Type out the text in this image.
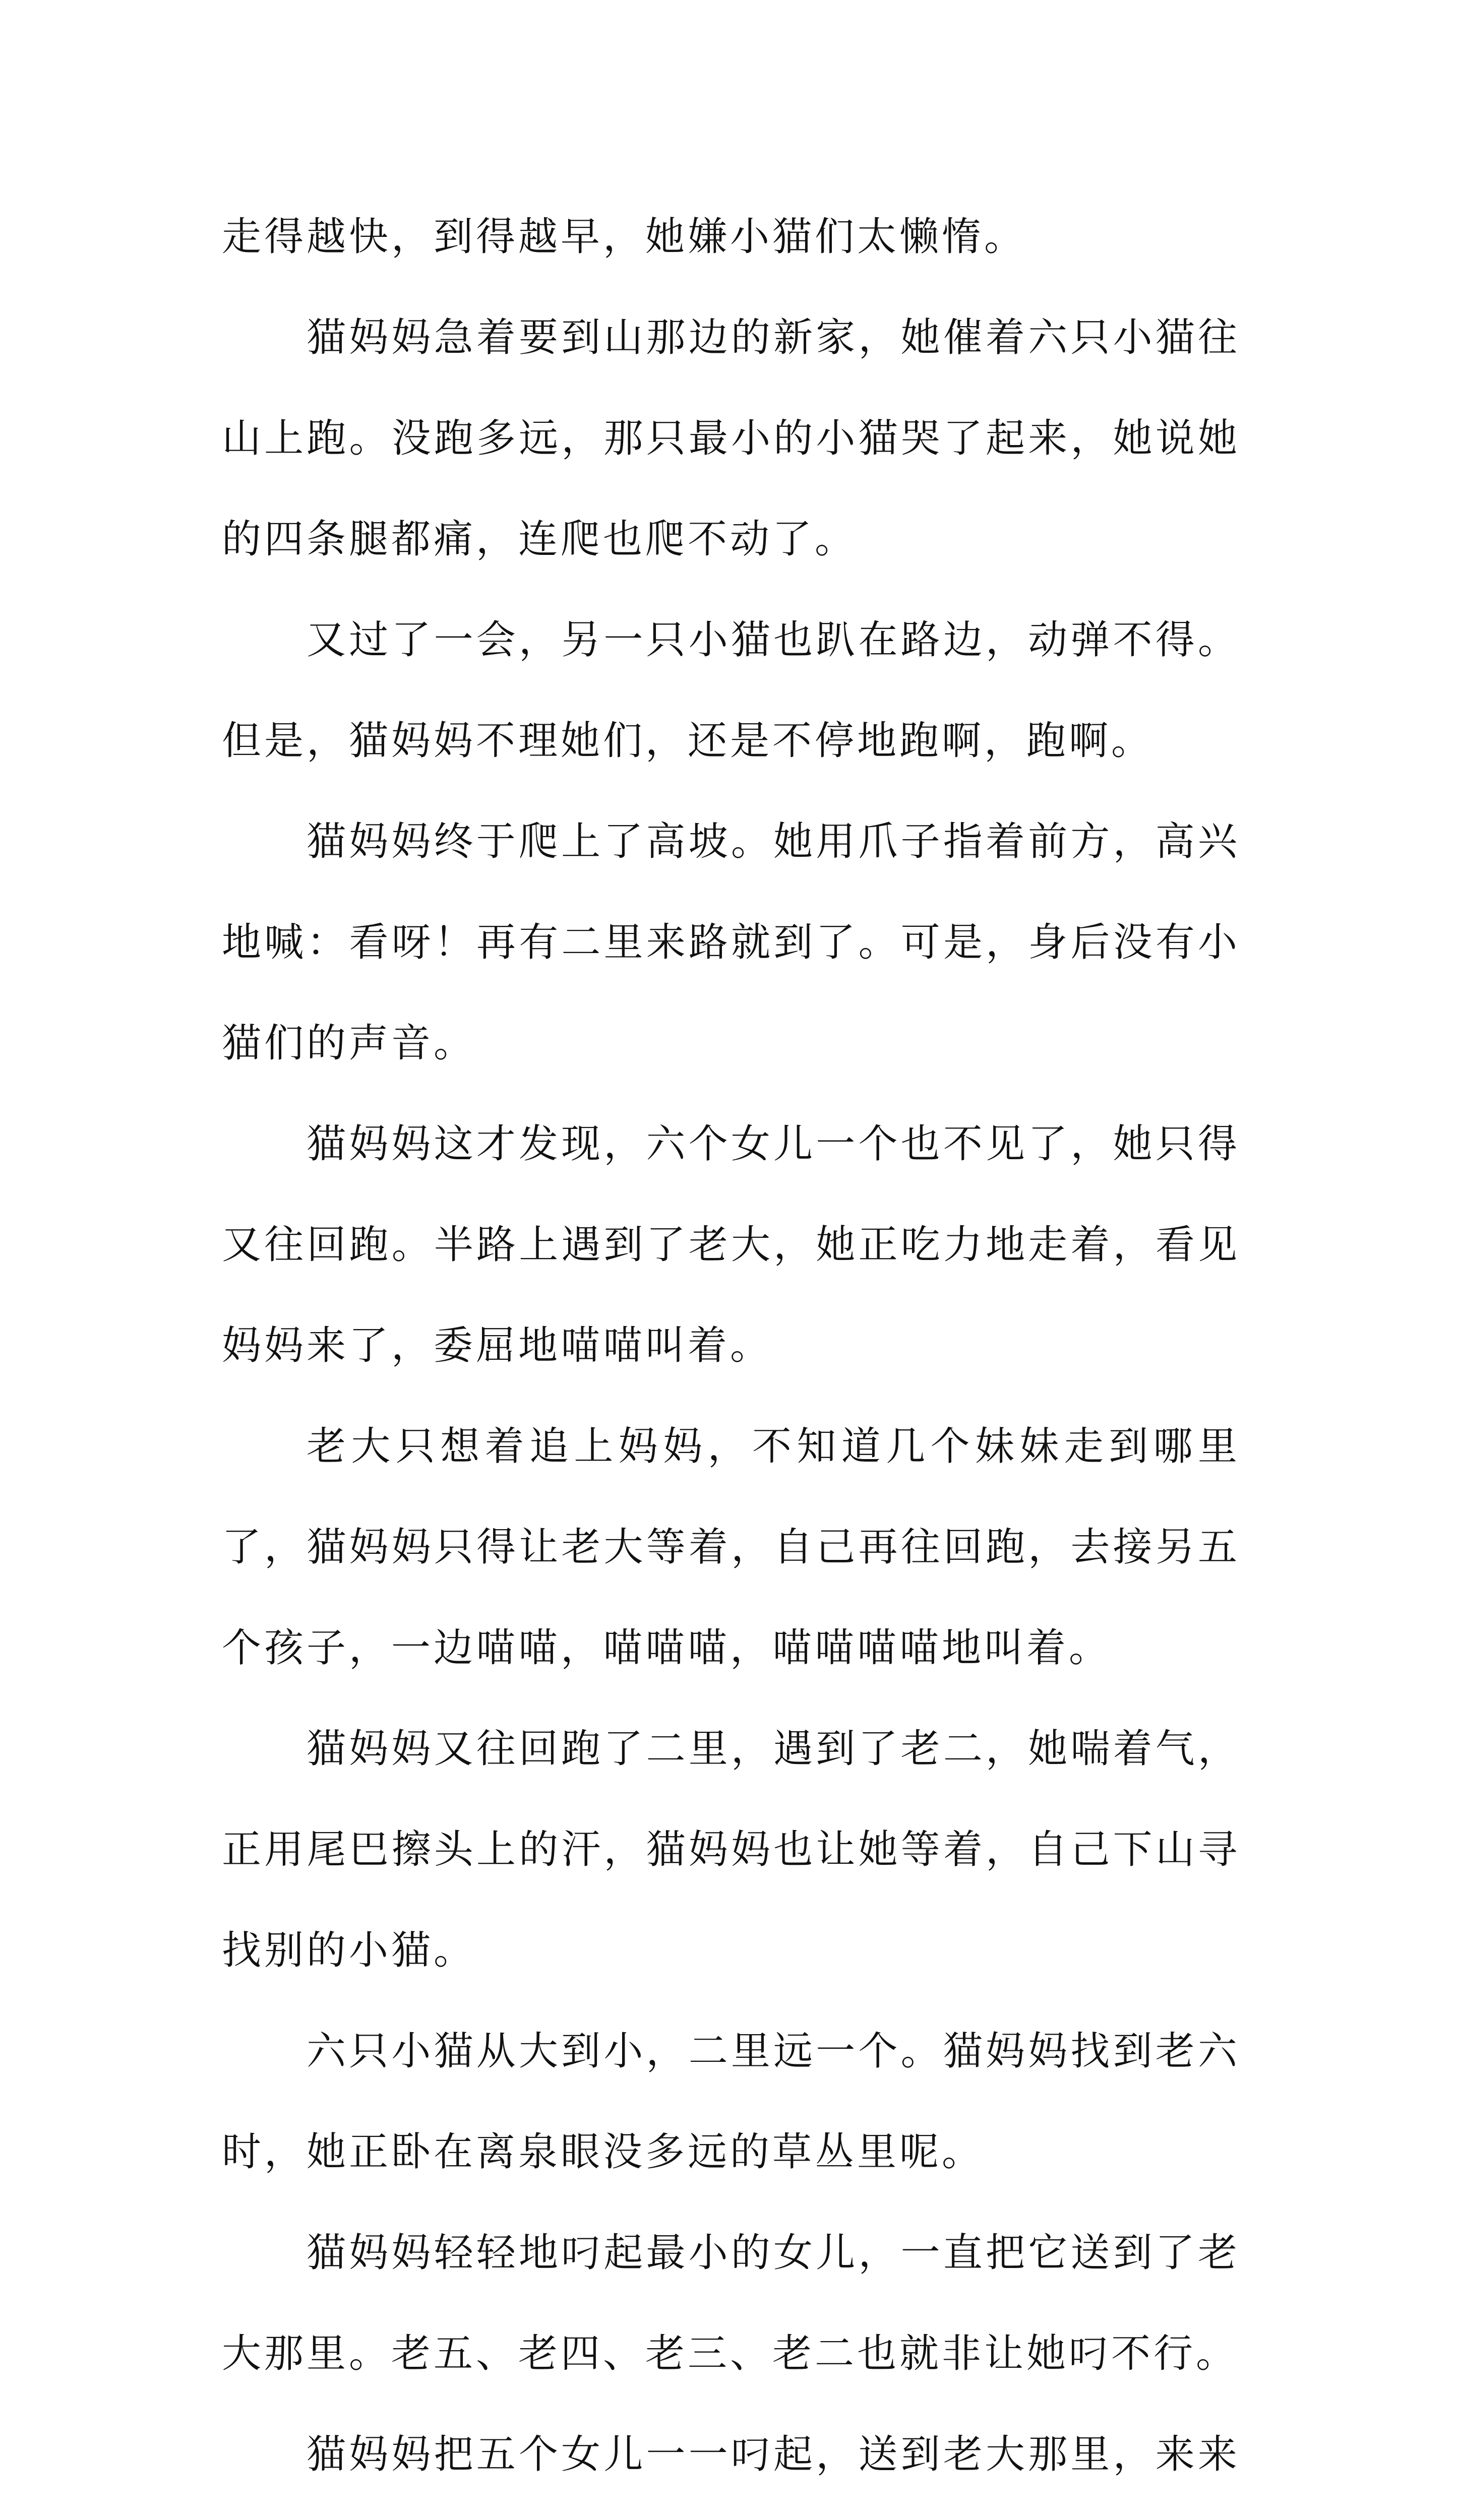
走得越快，到得越早，她嫌小猫们太懒惰。

猫妈妈急着要到山那边的新家，她催着六只小猫往山上跑。没跑多远，那只最小的小猫哭了起来，她说她的四条腿都痛，连爬也爬不动了。

又过了一会，另一只小猫也趴在路边，动弹不得。但是，猫妈妈不理她们，还是不停地跑啊，跑啊。

猫妈妈终于爬上了高坡。她用爪子指着前方，高兴地喊：看呀！再有二里来路就到了。可是，身后没有小猫们的声音。

猫妈妈这才发现，六个女儿一个也不见了，她只得又往回跑。半路上遇到了老大，她正吃力地走着，看见妈妈来了，委屈地喵喵叫着。

老大只想着追上妈妈，不知道几个妹妹走到哪里了，猫妈妈只得让老大等着，自己再往回跑，去接另五个孩子，一边喵喵，喵喵喵，喵喵喵喵地叫着。

猫妈妈又往回跑了二里，遇到了老二，她喘着气，正用尾巴擦头上的汗，猫妈妈也让她等着，自己下山寻找别的小猫。

六只小猫从大到小，二里远一个。猫妈妈找到老六时，她正卧在离泉眼没多远的草丛里呢。

猫妈妈轻轻地叼起最小的女儿，一直把它送到了老大那里。老五、老四、老三、老二也就非让她叼不行。

猫妈妈把五个女儿一一叼起，送到老大那里，来来
